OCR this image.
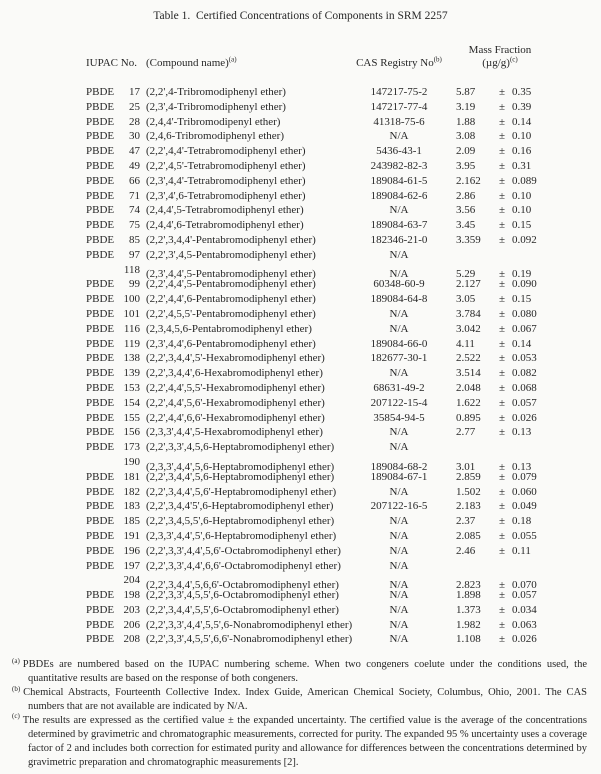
Table 1.  Certified Concentrations of Components in SRM 2257
IUPAC No. (Compound name)$^{(a)}$	CAS Registry No$^{(b)}$
Mass Fraction
$(\mu g/g)^{(c)}$
PBDE 17 (2,2',4-Tribromodiphenyl ether)	147217-75-2	5.87	± 0.35
PBDE 25 (2,3',4-Tribromodiphenyl ether)	147217-77-4	3.19	± 0.39
PBDE 28 (2,4,4'-Tribromodipenyl ether)	41318-75-6	1.88	± 0.14
PBDE 30 (2,4,6-Tribromodiphenyl ether)	N/A	3.08	± 0.10
PBDE 47 (2,2',4,4'-Tetrabromodiphenyl ether)	5436-43-1	2.09	± 0.16
PBDE 49 (2,2',4,5'-Tetrabromodiphenyl ether)	243982-82-3	3.95	± 0.31
PBDE 66 (2,3',4,4'-Tetrabromodiphenyl ether)	189084-61-5	2.162	± 0.089
PBDE 71 (2,3',4',6-Tetrabromodiphenyl ether)	189084-62-6	2.86	± 0.10
PBDE 74 (2,4,4',5-Tetrabromodiphenyl ether)	N/A	3.56	± 0.10
PBDE 75 (2,4,4',6-Tetrabromodiphenyl ether)	189084-63-7	3.45	± 0.15
PBDE 85 (2,2',3,4,4'-Pentabromodiphenyl ether)	182346-21-0	3.359	± 0.092
PBDE 97 (2,2',3',4,5-Pentabromodiphenyl ether)	N/A
118 (2,3',4,4',5-Pentabromodiphenyl ether)	N/A	5.29	± 0.19
PBDE 99 (2,2',4,4',5-Pentabromodiphenyl ether)	60348-60-9	2.127	± 0.090
PBDE 100 (2,2',4,4',6-Pentabromodiphenyl ether)	189084-64-8	3.05	± 0.15
PBDE 101 (2,2',4,5,5'-Pentabromodiphenyl ether)	N/A	3.784	± 0.080
PBDE 116 (2,3,4,5,6-Pentabromodiphenyl ether)	N/A	3.042	± 0.067
PBDE 119 (2,3',4,4',6-Pentabromodiphenyl ether)	189084-66-0	4.11	± 0.14
PBDE 138 (2,2',3,4,4',5'-Hexabromodiphenyl ether)	182677-30-1	2.522	± 0.053
PBDE 139 (2,2',3,4,4',6-Hexabromodiphenyl ether)	N/A	3.514	± 0.082
PBDE 153 (2,2',4,4',5,5'-Hexabromodiphenyl ether)	68631-49-2	2.048	± 0.068
PBDE 154 (2,2',4,4',5,6'-Hexabromodiphenyl ether)	207122-15-4	1.622	± 0.057
PBDE 155 (2,2',4,4',6,6'-Hexabromodiphenyl ether)	35854-94-5	0.895	± 0.026
PBDE 156 (2,3,3',4,4',5-Hexabromodiphenyl ether)	N/A	2.77	± 0.13
PBDE 173 (2,2',3,3',4,5,6-Heptabromodiphenyl ether)	N/A
190 (2,3,3',4,4',5,6-Heptabromodiphenyl ether)	189084-68-2	3.01	± 0.13
PBDE 181 (2,2',3,4,4',5,6-Heptabromodiphenyl ether)	189084-67-1	2.859	± 0.079
PBDE 182 (2,2',3,4,4',5,6'-Heptabromodiphenyl ether)	N/A	1.502	± 0.060
PBDE 183 (2,2',3,4,4'5',6-Heptabromodiphenyl ether)	207122-16-5	2.183	± 0.049
PBDE 185 (2,2',3,4,5,5',6-Heptabromodiphenyl ether)	N/A	2.37	± 0.18
PBDE 191 (2,3,3',4,4',5',6-Heptabromodiphenyl ether)	N/A	2.085	± 0.055
PBDE 196 (2,2',3,3',4,4',5,6'-Octabromodiphenyl ether)	N/A	2.46	± 0.11
PBDE 197 (2,2',3,3',4,4',6,6'-Octabromodiphenyl ether)	N/A
204 (2,2',3,4,4',5,6,6'-Octabromodiphenyl ether)	N/A	2.823	± 0.070
PBDE 198 (2,2',3,3',4,5,5',6-Octabromodiphenyl ether)	N/A	1.898	± 0.057
PBDE 203 (2,2',3,4,4',5,5',6-Octabromodiphenyl ether)	N/A	1.373	± 0.034
PBDE 206 (2,2',3,3',4,4',5,5',6-Nonabromodiphenyl ether)	N/A	1.982	± 0.063
PBDE 208 (2,2',3,3',4,5,5',6,6'-Nonabromodiphenyl ether)	N/A	1.108	± 0.026
$^{(a)}$ PBDEs are numbered based on the IUPAC numbering scheme. When two congeners coelute under the conditions used, the quantitative results are based on the response of both congeners.
$^{(b)}$ Chemical Abstracts, Fourteenth Collective Index. Index Guide, American Chemical Society, Columbus, Ohio, 2001. The CAS numbers that are not available are indicated by N/A.
$^{(c)}$ The results are expressed as the certified value ± the expanded uncertainty. The certified value is the average of the concentrations determined by gravimetric and chromatographic measurements, corrected for purity. The expanded 95 % uncertainty uses a coverage factor of 2 and includes both correction for estimated purity and allowance for differences between the concentrations determined by gravimetric preparation and chromatographic measurements [2].
